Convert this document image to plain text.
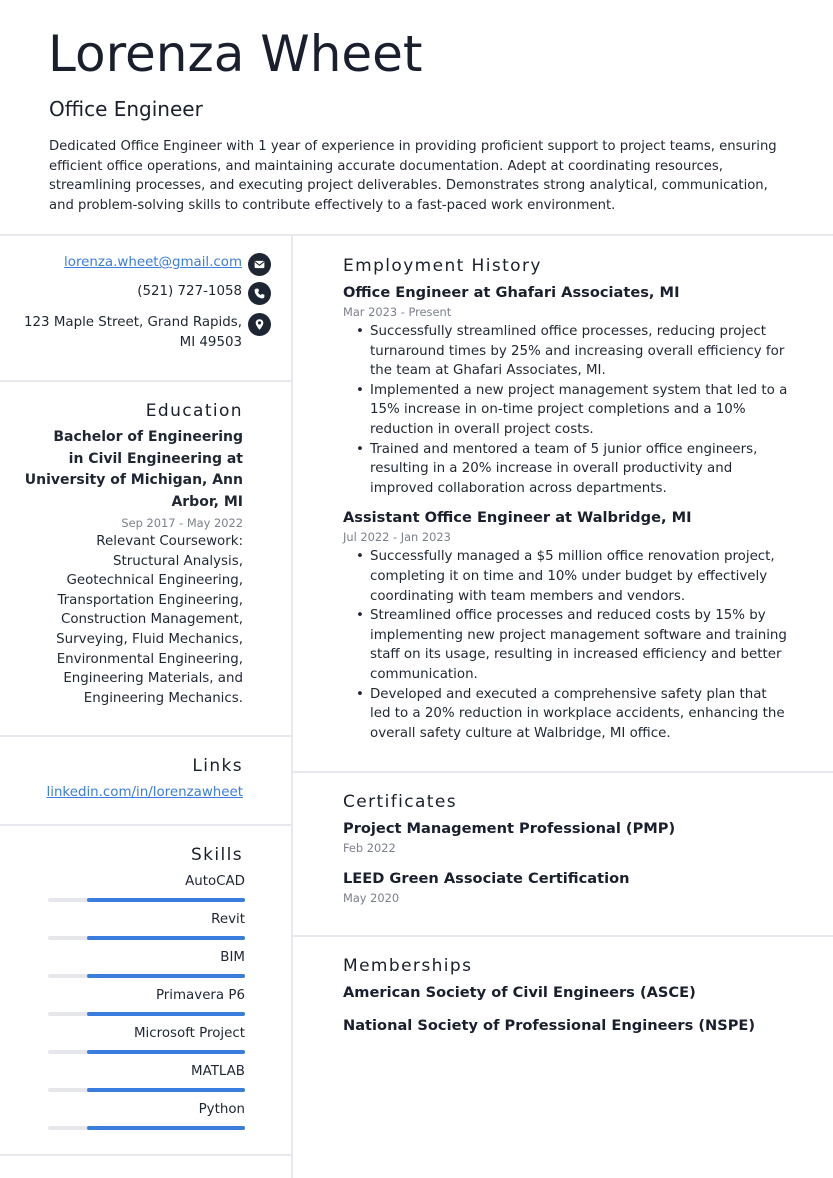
Lorenza Wheet
Office Engineer
Dedicated Office Engineer with 1 year of experience in providing proficient support to project teams, ensuring efficient office operations, and maintaining accurate documentation. Adept at coordinating resources, streamlining processes, and executing project deliverables. Demonstrates strong analytical, communication, and problem-solving skills to contribute effectively to a fast-paced work environment.
lorenza.wheet@gmail.com
(521) 727-1058
123 Maple Street, Grand Rapids,
MI 49503
Education
Bachelor of Engineering
in Civil Engineering at
University of Michigan, Ann
Arbor, MI
Sep 2017 - May 2022
Relevant Coursework:
Structural Analysis,
Geotechnical Engineering,
Transportation Engineering,
Construction Management,
Surveying, Fluid Mechanics,
Environmental Engineering,
Engineering Materials, and
Engineering Mechanics.
Links
linkedin.com/in/lorenzawheet
Skills
AutoCAD
Revit
BIM
Primavera P6
Microsoft Project
MATLAB
Python
Employment History
Office Engineer at Ghafari Associates, MI
Mar 2023 - Present
• Successfully streamlined office processes, reducing project turnaround times by 25% and increasing overall efficiency for the team at Ghafari Associates, MI.
• Implemented a new project management system that led to a 15% increase in on-time project completions and a 10% reduction in overall project costs.
• Trained and mentored a team of 5 junior office engineers, resulting in a 20% increase in overall productivity and improved collaboration across departments.
Assistant Office Engineer at Walbridge, MI
Jul 2022 - Jan 2023
• Successfully managed a $5 million office renovation project, completing it on time and 10% under budget by effectively coordinating with team members and vendors.
• Streamlined office processes and reduced costs by 15% by implementing new project management software and training staff on its usage, resulting in increased efficiency and better communication.
• Developed and executed a comprehensive safety plan that led to a 20% reduction in workplace accidents, enhancing the overall safety culture at Walbridge, MI office.
Certificates
Project Management Professional (PMP)
Feb 2022
LEED Green Associate Certification
May 2020
Memberships
American Society of Civil Engineers (ASCE)
National Society of Professional Engineers (NSPE)
